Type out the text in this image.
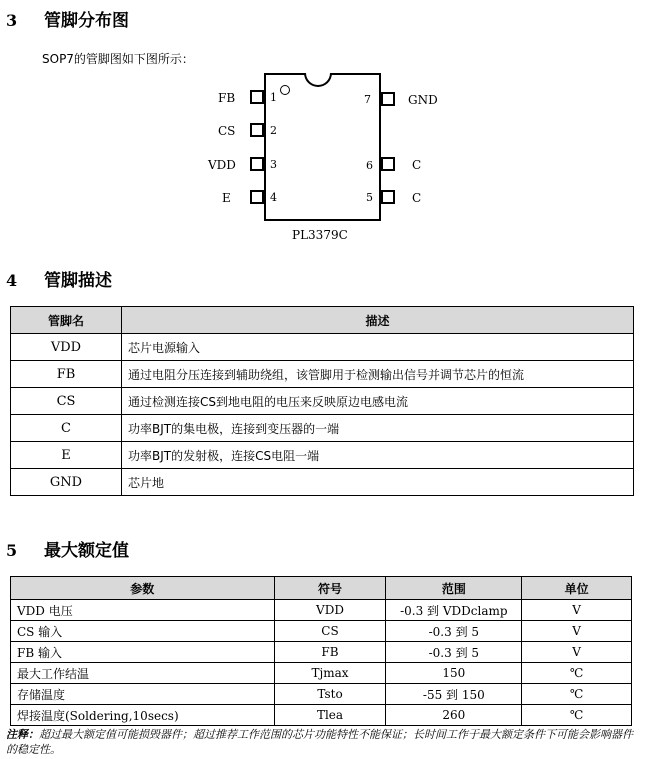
3	管脚分布图
SOP7的管脚图如下图所示：
1
2
3
4
FB
CS
VDD
E
7
6
5
GND
C
C
PL3379C
4	管脚描述
管脚名	描述
VDD	芯片电源输入
FB	通过电阻分压连接到辅助绕组，该管脚用于检测输出信号并调节芯片的恒流
CS	通过检测连接CS到地电阻的电压来反映原边电感电流
C	功率BJT的集电极，连接到变压器的一端
E	功率BJT的发射极，连接CS电阻一端
GND	芯片地
5	最大额定值
参数	符号	范围	单位
VDD 电压	VDD	-0.3 到 VDDclamp	V
CS 输入	CS	-0.3 到 5	V
FB 输入	FB	-0.3 到 5	V
最大工作结温	Tjmax	150	℃
存储温度	Tsto	-55 到 150	℃
焊接温度(Soldering,10secs)	Tlea	260	℃
注释：超过最大额定值可能损毁器件；超过推荐工作范围的芯片功能特性不能保证；长时间工作于最大额定条件下可能会影响器件的稳定性。
